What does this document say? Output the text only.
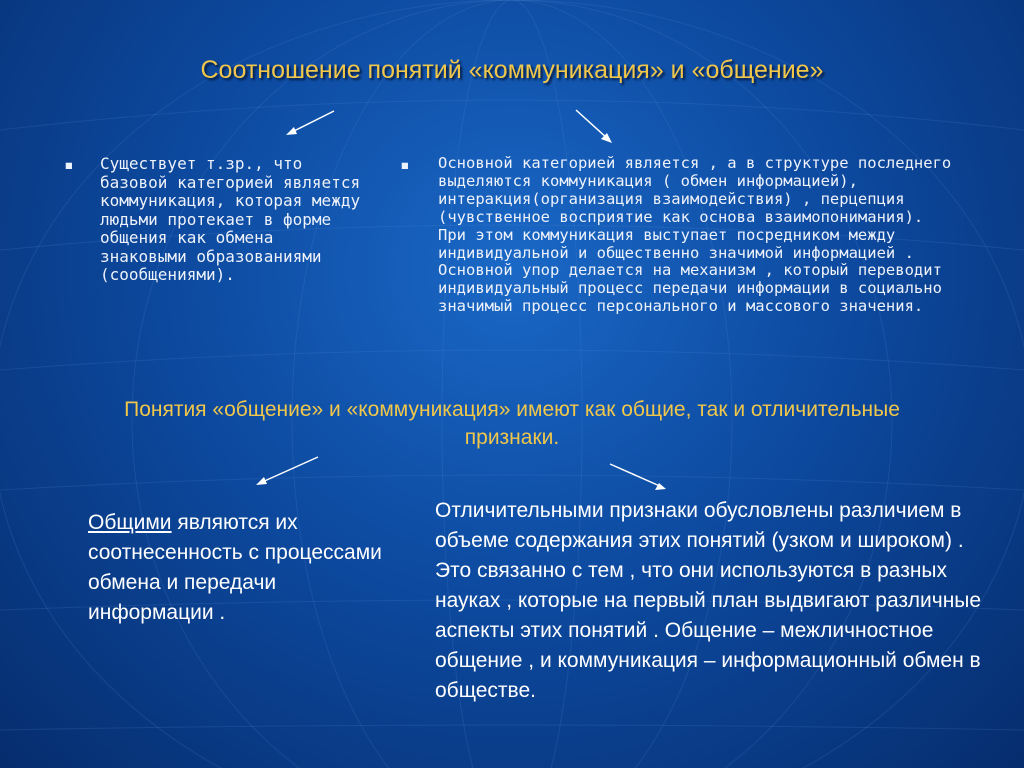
Соотношение понятий «коммуникация» и «общение»
▪ Существует т.зр., что базовой категорией является коммуникация, которая между людьми протекает в форме общения как обмена знаковыми образованиями (сообщениями).
▪ Основной категорией является , а в структуре последнего выделяются коммуникация ( обмен информацией), интеракция(организация взаимодействия) , перцепция (чувственное восприятие как основа взаимопонимания). При этом коммуникация выступает посредником между индивидуальной и общественно значимой информацией . Основной упор делается на механизм , который переводит индивидуальный процесс передачи информации в социально значимый процесс персонального и массового значения.
Понятия «общение» и «коммуникация» имеют как общие, так и отличительные признаки.
Общими являются их соотнесенность с процессами обмена и передачи информации .
Отличительными признаки обусловлены различием в объеме содержания этих понятий (узком и широком) . Это связанно с тем , что они используются в разных науках , которые на первый план выдвигают различные аспекты этих понятий . Общение – межличностное общение , и коммуникация – информационный обмен в обществе.
